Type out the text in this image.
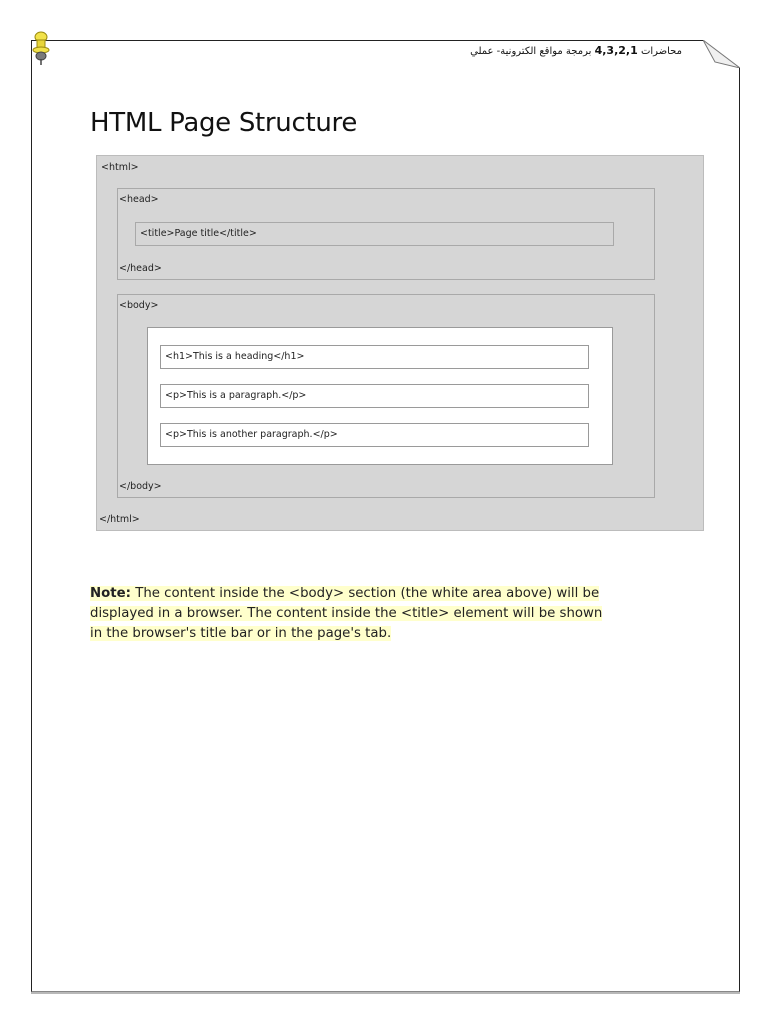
محاضرات 4,3,2,1 برمجة مواقع الكترونية- عملي
HTML Page Structure
<html>
<head>
<title>Page title</title>
</head>
<body>
<h1>This is a heading</h1>
<p>This is a paragraph.</p>
<p>This is another paragraph.</p>
</body>
</html>
Note: The content inside the <body> section (the white area above) will be
displayed in a browser. The content inside the <title> element will be shown
in the browser's title bar or in the page's tab.
